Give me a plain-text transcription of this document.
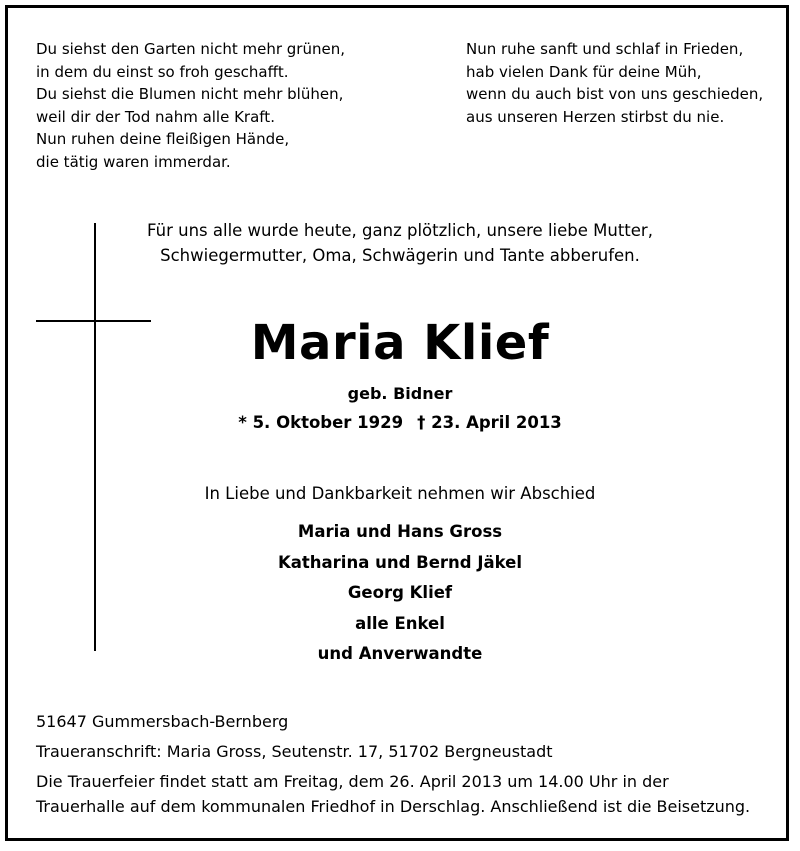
Du siehst den Garten nicht mehr grünen,
in dem du einst so froh geschafft.
Du siehst die Blumen nicht mehr blühen,
weil dir der Tod nahm alle Kraft.
Nun ruhen deine fleißigen Hände,
die tätig waren immerdar.
Nun ruhe sanft und schlaf in Frieden,
hab vielen Dank für deine Müh,
wenn du auch bist von uns geschieden,
aus unseren Herzen stirbst du nie.
Für uns alle wurde heute, ganz plötzlich, unsere liebe Mutter,
Schwiegermutter, Oma, Schwägerin und Tante abberufen.
Maria Klief
geb. Bidner
* 5. Oktober 1929 † 23. April 2013
In Liebe und Dankbarkeit nehmen wir Abschied
Maria und Hans Gross
Katharina und Bernd Jäkel
Georg Klief
alle Enkel
und Anverwandte
51647 Gummersbach-Bernberg
Traueranschrift: Maria Gross, Seutenstr. 17, 51702 Bergneustadt
Die Trauerfeier findet statt am Freitag, dem 26. April 2013 um 14.00 Uhr in der
Trauerhalle auf dem kommunalen Friedhof in Derschlag. Anschließend ist die Beisetzung.
